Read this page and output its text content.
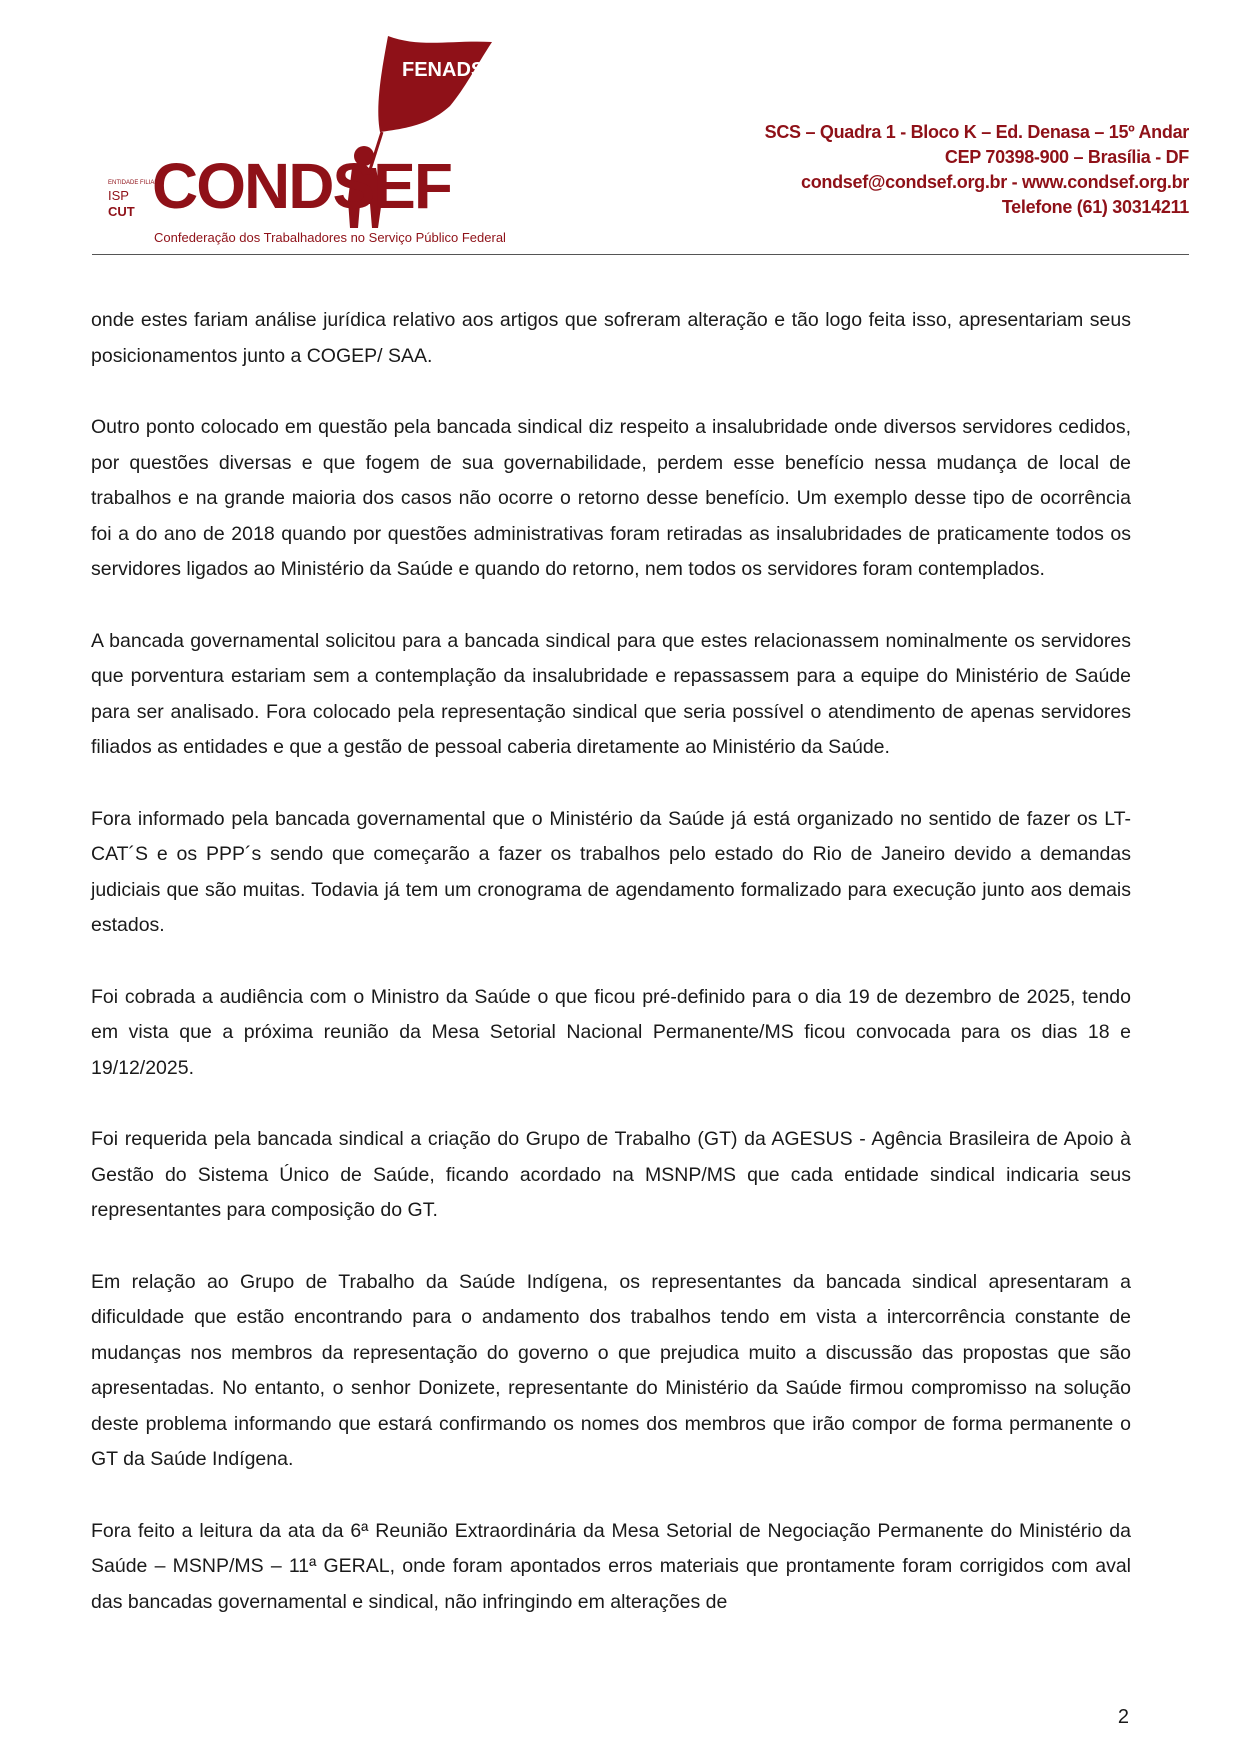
FENADSEF
CONDSEF
ENTIDADE FILIADA
ISP
CUT
Confederação dos Trabalhadores no Serviço Público Federal
SCS – Quadra 1 - Bloco K – Ed. Denasa – 15º Andar
CEP 70398-900 – Brasília - DF
condsef@condsef.org.br - www.condsef.org.br
Telefone (61) 30314211

onde estes fariam análise jurídica relativo aos artigos que sofreram alteração e tão logo feita isso, apresentariam seus posicionamentos junto a COGEP/ SAA.

Outro ponto colocado em questão pela bancada sindical diz respeito a insalubridade onde diversos servidores cedidos, por questões diversas e que fogem de sua governabilidade, perdem esse benefício nessa mudança de local de trabalhos e na grande maioria dos casos não ocorre o retorno desse benefício. Um exemplo desse tipo de ocorrência foi a do ano de 2018 quando por questões administrativas foram retiradas as insalubridades de praticamente todos os servidores ligados ao Ministério da Saúde e quando do retorno, nem todos os servidores foram contemplados.

A bancada governamental solicitou para a bancada sindical para que estes relacionassem nominalmente os servidores que porventura estariam sem a contemplação da insalubridade e repassassem para a equipe do Ministério de Saúde para ser analisado. Fora colocado pela representação sindical que seria possível o atendimento de apenas servidores filiados as entidades e que a gestão de pessoal caberia diretamente ao Ministério da Saúde.

Fora informado pela bancada governamental que o Ministério da Saúde já está organizado no sentido de fazer os LT-CAT´S e os PPP´s sendo que começarão a fazer os trabalhos pelo estado do Rio de Janeiro devido a demandas judiciais que são muitas. Todavia já tem um cronograma de agendamento formalizado para execução junto aos demais estados.

Foi cobrada a audiência com o Ministro da Saúde o que ficou pré-definido para o dia 19 de dezembro de 2025, tendo em vista que a próxima reunião da Mesa Setorial Nacional Permanente/MS ficou convocada para os dias 18 e 19/12/2025.

Foi requerida pela bancada sindical a criação do Grupo de Trabalho (GT) da AGESUS - Agência Brasileira de Apoio à Gestão do Sistema Único de Saúde, ficando acordado na MSNP/MS que cada entidade sindical indicaria seus representantes para composição do GT.

Em relação ao Grupo de Trabalho da Saúde Indígena, os representantes da bancada sindical apresentaram a dificuldade que estão encontrando para o andamento dos trabalhos tendo em vista a intercorrência constante de mudanças nos membros da representação do governo o que prejudica muito a discussão das propostas que são apresentadas. No entanto, o senhor Donizete, representante do Ministério da Saúde firmou compromisso na solução deste problema informando que estará confirmando os nomes dos membros que irão compor de forma permanente o GT da Saúde Indígena.

Fora feito a leitura da ata da 6ª Reunião Extraordinária da Mesa Setorial de Negociação Permanente do Ministério da Saúde – MSNP/MS – 11ª GERAL, onde foram apontados erros materiais que prontamente foram corrigidos com aval das bancadas governamental e sindical, não infringindo em alterações de

2
